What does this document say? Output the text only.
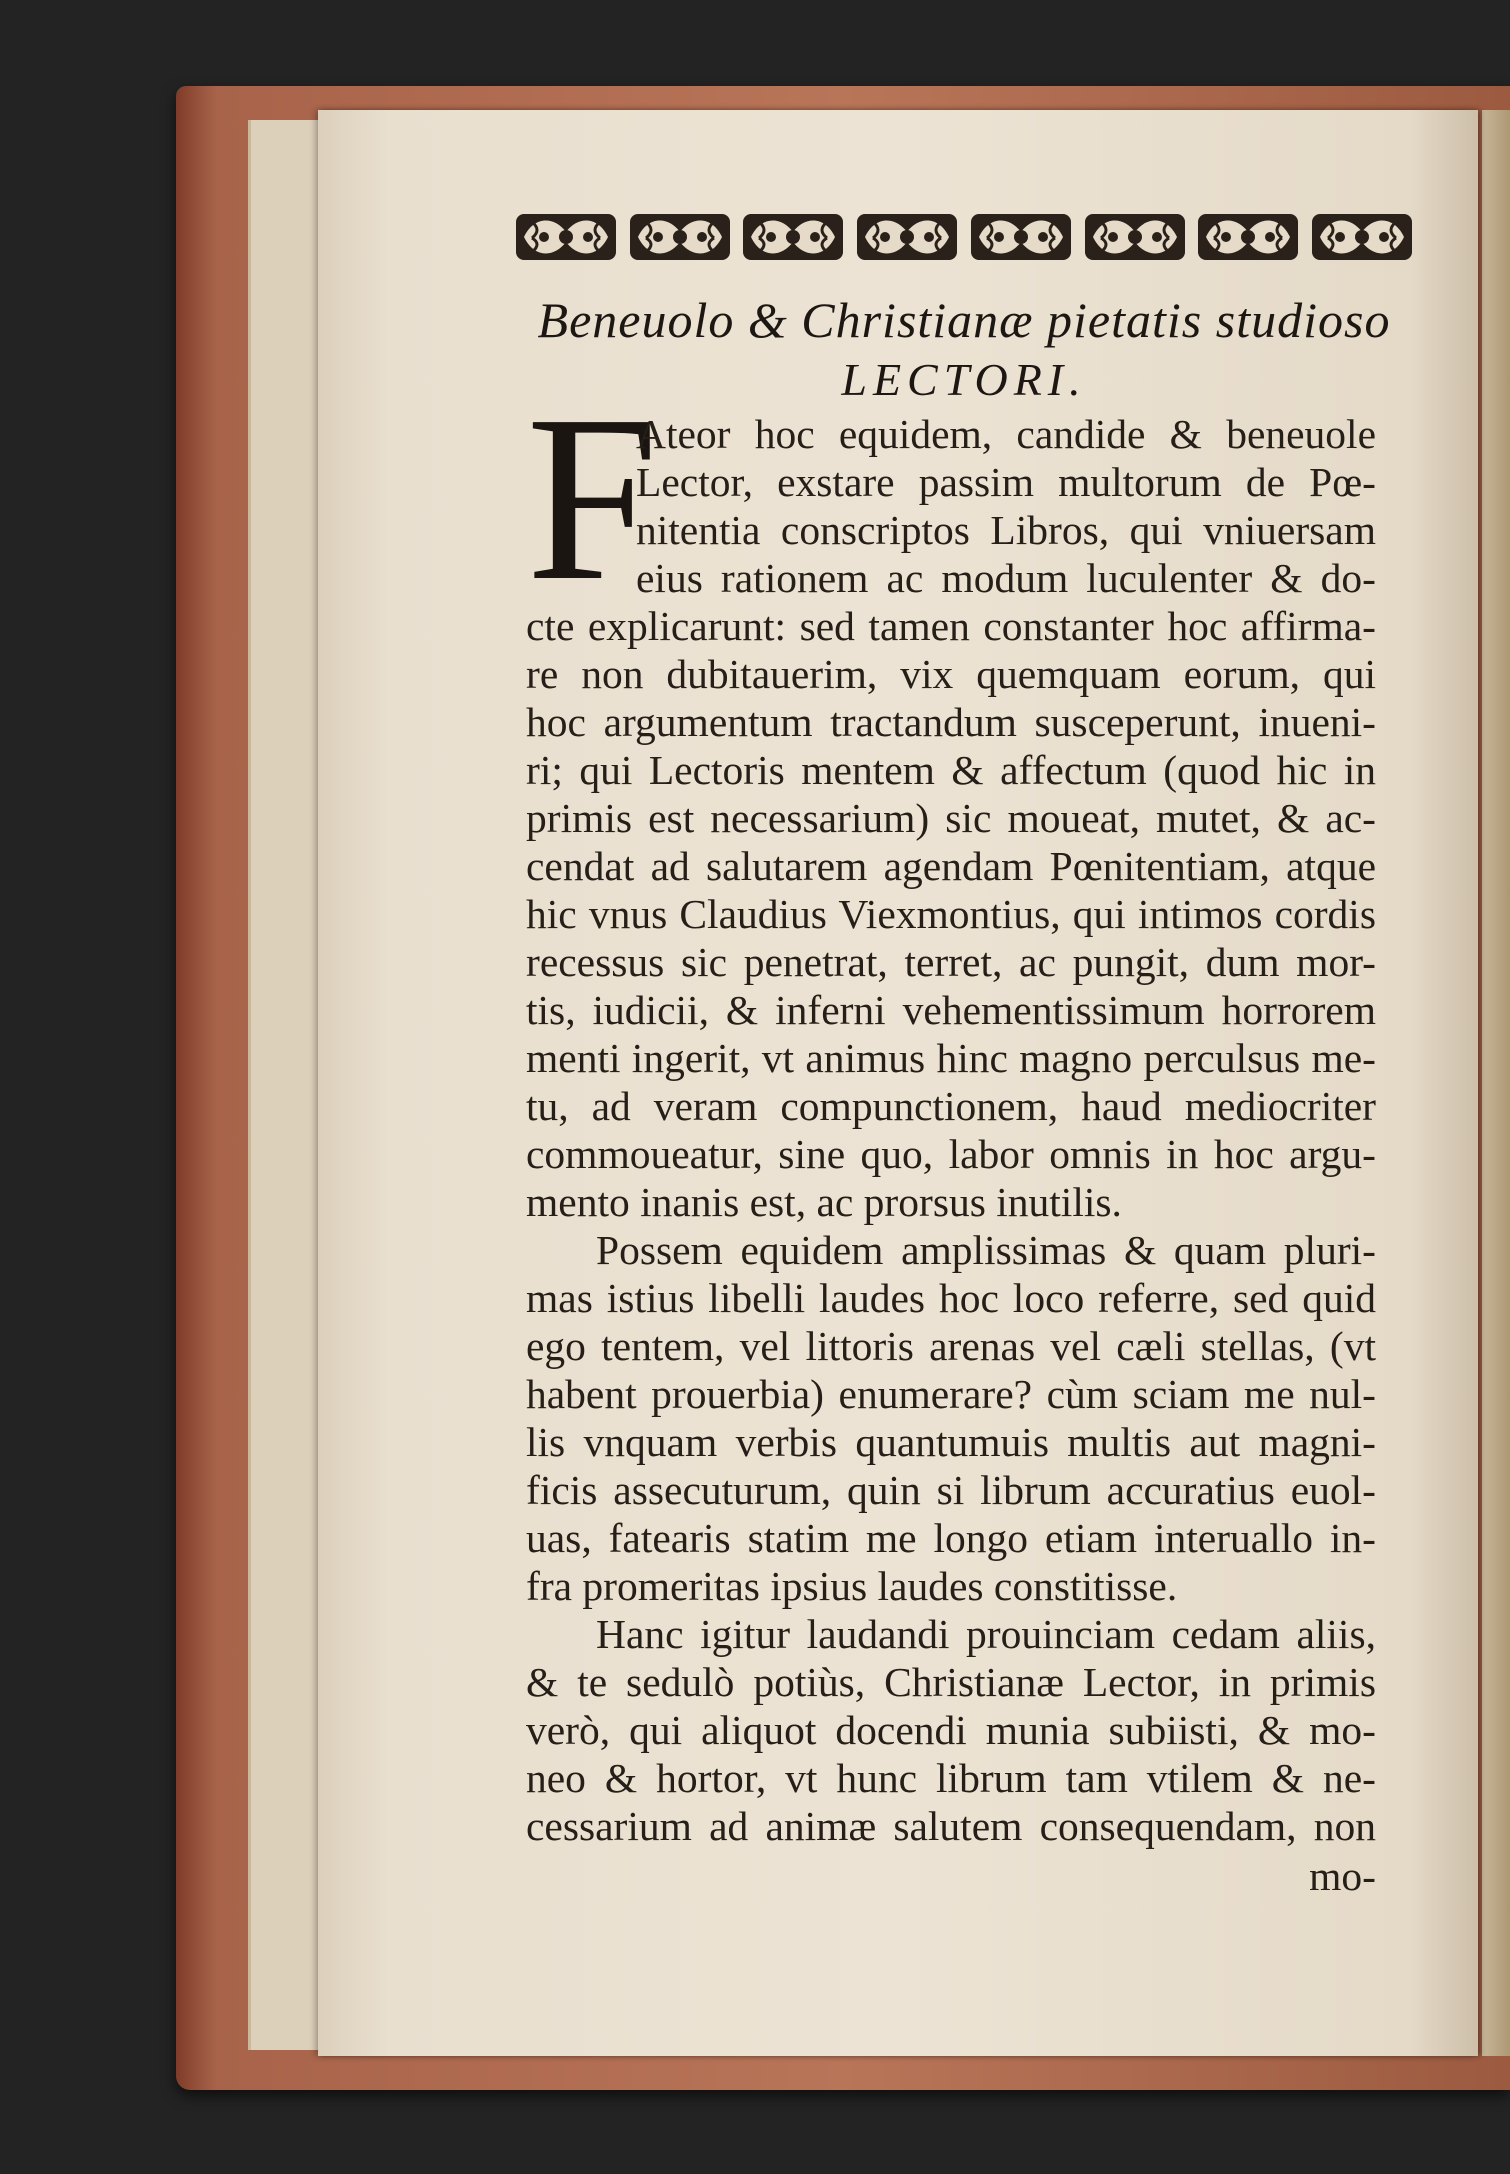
Beneuolo & Christianæ pietatis studioso
LECTORI.
F
Ateor hoc equidem, candide & beneuole
Lector, exstare passim multorum de Pœ-
nitentia conscriptos Libros, qui vniuersam
eius rationem ac modum luculenter & do-
cte explicarunt: sed tamen constanter hoc affirma-
re non dubitauerim, vix quemquam eorum, qui
hoc argumentum tractandum susceperunt, inueni-
ri; qui Lectoris mentem & affectum (quod hic in
primis est necessarium) sic moueat, mutet, & ac-
cendat ad salutarem agendam Pœnitentiam, atque
hic vnus Claudius Viexmontius, qui intimos cordis
recessus sic penetrat, terret, ac pungit, dum mor-
tis, iudicii, & inferni vehementissimum horrorem
menti ingerit, vt animus hinc magno perculsus me-
tu, ad veram compunctionem, haud mediocriter
commoueatur, sine quo, labor omnis in hoc argu-
mento inanis est, ac prorsus inutilis.
Possem equidem amplissimas & quam pluri-
mas istius libelli laudes hoc loco referre, sed quid
ego tentem, vel littoris arenas vel cæli stellas, (vt
habent prouerbia) enumerare? cùm sciam me nul-
lis vnquam verbis quantumuis multis aut magni-
ficis assecuturum, quin si librum accuratius euol-
uas, fatearis statim me longo etiam interuallo in-
fra promeritas ipsius laudes constitisse.
Hanc igitur laudandi prouinciam cedam aliis,
& te sedulò potiùs, Christianæ Lector, in primis
verò, qui aliquot docendi munia subiisti, & mo-
neo & hortor, vt hunc librum tam vtilem & ne-
cessarium ad animæ salutem consequendam, non
mo-
